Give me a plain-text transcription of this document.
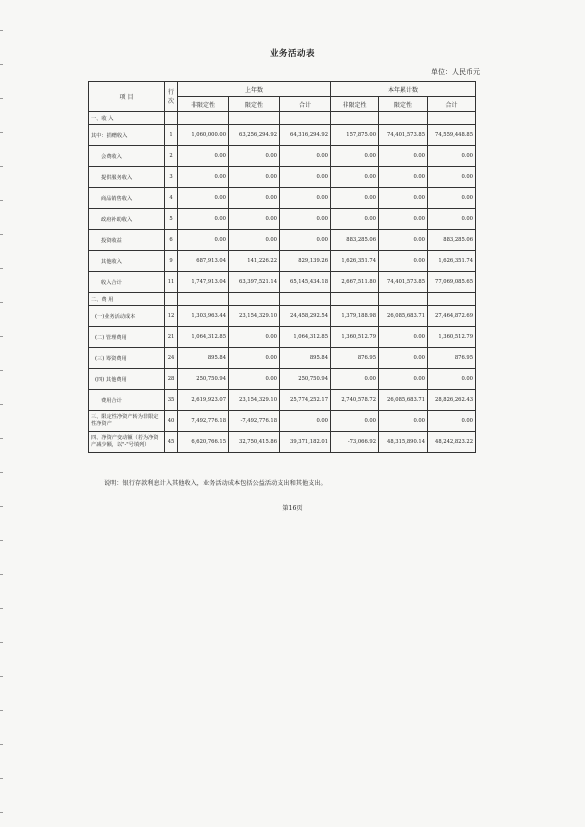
业务活动表
单位：人民币元
项 目	行次	上年数			本年累计数		
		非限定性	限定性	合计	非限定性	限定性	合计
一、收 入							
其中：捐赠收入	1	1,060,000.00	63,256,294.92	64,316,294.92	157,875.00	74,401,573.85	74,559,448.85
会费收入	2	0.00	0.00	0.00	0.00	0.00	0.00
提供服务收入	3	0.00	0.00	0.00	0.00	0.00	0.00
商品销售收入	4	0.00	0.00	0.00	0.00	0.00	0.00
政府补助收入	5	0.00	0.00	0.00	0.00	0.00	0.00
投资收益	6	0.00	0.00	0.00	883,285.06	0.00	883,285.06
其他收入	9	687,913.04	141,226.22	829,139.26	1,626,351.74	0.00	1,626,351.74
收入合计	11	1,747,913.04	63,397,521.14	65,145,434.18	2,667,511.80	74,401,573.85	77,069,085.65
二、费 用							
(一)业务活动成本	12	1,303,963.44	23,154,329.10	24,458,292.54	1,379,188.98	26,085,683.71	27,464,872.69
(二) 管理费用	21	1,064,312.85	0.00	1,064,312.85	1,360,512.79	0.00	1,360,512.79
(三) 筹资费用	24	895.84	0.00	895.84	876.95	0.00	876.95
(四) 其他费用	28	250,750.94	0.00	250,750.94	0.00	0.00	0.00
费用合计	35	2,619,923.07	23,154,329.10	25,774,252.17	2,740,578.72	26,085,683.71	28,826,262.43
三、限定性净资产转为非限定性净资产	40	7,492,776.18	-7,492,776.18	0.00	0.00	0.00	0.00
四、净资产变动额（若为净资产减少额，以"-"号填列）	45	6,620,766.15	32,750,415.86	39,371,182.01	-73,066.92	48,315,890.14	48,242,823.22
说明：银行存款利息计入其他收入，业务活动成本包括公益活动支出和其他支出。
第16页
